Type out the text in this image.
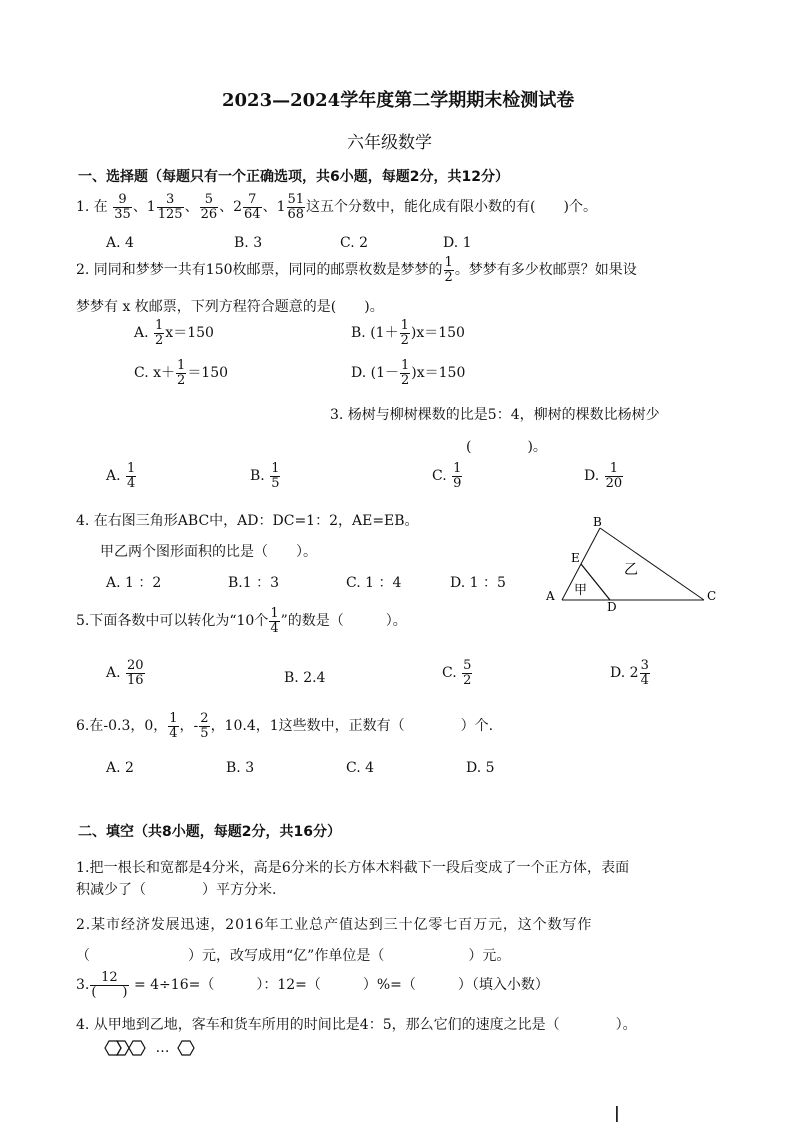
2023—2024学年度第二学期期末检测试卷
六年级数学
一、选择题（每题只有一个正确选项，共6小题，每题2分，共12分）
1. 在 $\frac{9}{35}$ 、$1 \frac{3}{125}$ 、 $\frac{5}{26}$ 、$2 \frac{7}{64}$ 、$1 \frac{51}{68}$ 这五个分数中，能化成有限小数的有(　　)个。
A. 4	B. 3	C. 2	D. 1
2. 同同和梦梦一共有150枚邮票，同同的邮票枚数是梦梦的 $\frac{1}{2}$ 。梦梦有多少枚邮票？如果设
梦梦有 x 枚邮票，下列方程符合题意的是(　　)。
A. $\frac{1}{2} x=150$	B. $(1+ \frac{1}{2} )x=150$
C. $x+ \frac{1}{2} =150$	D. $(1- \frac{1}{2} )x=150$
3. 杨树与柳树棵数的比是5：4，柳树的棵数比杨树少
(　　　　)。
A. $\frac{1}{4}$	B. $\frac{1}{5}$	C. $\frac{1}{9}$	D. $\frac{1}{20}$
4. 在右图三角形ABC中，AD：DC=1：2，AE=EB。
甲乙两个图形面积的比是（　　）。
A. 1 ：2	B.1 ：3	C. 1 ：4	D. 1 ：5
B
E
A
D
C
甲
乙
5.下面各数中可以转化为“10个 $\frac{1}{4}$ ”的数是（　　　）。
A. $\frac{20}{16}$	B. 2.4	C. $\frac{5}{2}$	D. $2 \frac{3}{4}$
6.在-0.3，0， $\frac{1}{4}$ ，- $\frac{2}{5}$ ，10.4，1这些数中，正数有（　　　　）个.
A. 2	B. 3	C. 4	D. 5
二、填空（共8小题，每题2分，共16分）
1.把一根长和宽都是4分米，高是6分米的长方体木料截下一段后变成了一个正方体，表面
积减少了（　　　　）平方分米.
2.某市经济发展迅速，2016年工业总产值达到三十亿零七百万元，这个数写作
（　　　　　　　）元，改写成用“亿”作单位是（　　　　　　）元。
3. $\frac{12}{( )} = 4\div 16=$（　　　）：12=（　　　）%=（　　　）（填入小数）
4. 从甲地到乙地，客车和货车所用的时间比是4：5，那么它们的速度之比是（　　　　）。
…
|
